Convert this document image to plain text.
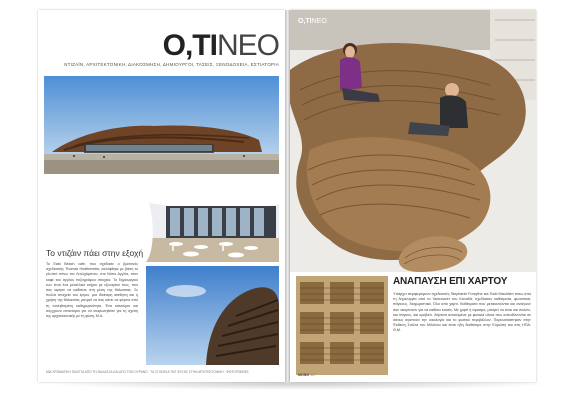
O,TINEO
ΝΤΙΖΑΪΝ, ΑΡΧΙΤΕΚΤΟΝΙΚΗ, ΔΙΑΚΟΣΜΗΣΗ, ΔΗΜΙΟΥΡΓΟΙ, ΤΑΣΕΙΣ, ΞΕΝΟΔΟΧΕΙΑ, ΕΣΤΙΑΤΟΡΙΑ
Το ντιζάιν πάει στην εξοχή
Το East Beach cafe, που σχεδίασε ο βρετανός σχεδιαστής Thomas Heatherwick, καλύφθηκε με βάση το γλυπτό πάνω τον Λιττλχάμπτον, στο Νότιο Αγγλία, στον καφέ του άγγλου πεζογράφου στοιχεία. Το δημιουργικό των είναι ένα μεταλλικό κτήριο με εξωτερικό τους, που σας αφήνει να καθίσετε στη μέση της θάλασσας. Σε πολλά στοιχεία του έργου, μια ιδιαίτερη αίσθηση και η χρήση της θάλασσας μπορεί να σας κάνει να φύγετε από τη συνηθισμένη καθημερινότητα. Ένα καινούριο και σύγχρονο εστιατόριο για να αναρωτηθείτε για τη σχέση της αρχιτεκτονικής με τη φύση. M.A.
ΜΙΑ ΧΡΩΜΑΤΙΚΗ ΠΑΛΕΤΑ ΑΠΟ ΤΗ ΘΑΛΑΣΣΑ ΚΑΙ ΑΠΟ ΤΟΝ ΟΥΡΑΝΟ · ΤΑ ΣΤΟΙΧΕΙΑ ΤΗΣ ΦΥΣΗΣ ΣΤΗΝ ΑΡΧΙΤΕΚΤΟΝΙΚΗ · ΦΩΤΟΓΡΑΦΙΕΣ
O,TINEO
ΑΝΑΠΑΥΣΗ ΕΠΙ ΧΑΡΤΟΥ
Υπάρχει περιφερόμενο σχεδιαστές Stephanie Forsythe και Todd MacAllen πίσω από τη δημιουργία από το Vancouver του Καναδά, σχεδίασαν καθίσματα, φωτιστικά, πάγκους, διαχωριστικά. Όλα από χαρτί. Καθίσματα που μετακινούνται και ανοίγουν σαν ακορντεόν για να καθίσει κανείς. Με χαρτί ή ύφασμα, μπορεί να είναι και σαλόνι, και πάγκος, και κρεβάτι. Χάρτινα αντικείμενα με φυσικά υλικά που απευθύνονται σε όσους αγαπούν την οικολογία και το φυσικό περιβάλλον. Παρουσιάστηκαν στην Έκθεση Σαλόνι του Μιλάνου και είναι ήδη διαθέσιμα στην Ευρώπη και στις ΗΠΑ. Θ.Μ.
ΜΟΝΟ 127
